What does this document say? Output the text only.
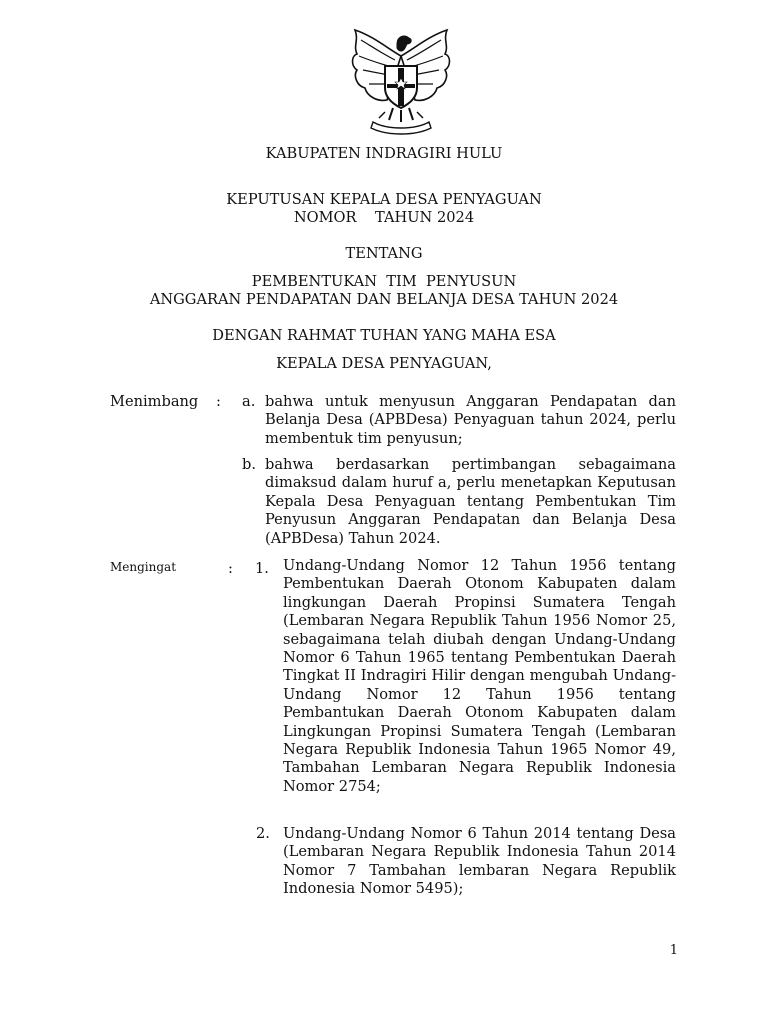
KABUPATEN INDRAGIRI HULU
KEPUTUSAN KEPALA DESA PENYAGUAN
NOMOR    TAHUN 2024
TENTANG
PEMBENTUKAN  TIM  PENYUSUN
ANGGARAN PENDAPATAN DAN BELANJA DESA TAHUN 2024
DENGAN RAHMAT TUHAN YANG MAHA ESA
KEPALA DESA PENYAGUAN,
Menimbang : a. bahwa untuk menyusun Anggaran Pendapatan dan Belanja Desa (APBDesa) Penyaguan tahun 2024, perlu membentuk tim penyusun;
b. bahwa berdasarkan pertimbangan sebagaimana dimaksud dalam huruf a, perlu menetapkan Keputusan Kepala Desa Penyaguan tentang Pembentukan Tim Penyusun Anggaran Pendapatan dan Belanja Desa (APBDesa) Tahun 2024.
Mengingat	: 1. Undang-Undang Nomor 12 Tahun 1956 tentang Pembentukan Daerah Otonom Kabupaten dalam lingkungan Daerah Propinsi Sumatera Tengah (Lembaran Negara Republik Tahun 1956 Nomor 25, sebagaimana telah diubah dengan Undang-Undang Nomor 6 Tahun 1965 tentang Pembentukan Daerah Tingkat II Indragiri Hilir dengan mengubah Undang-Undang Nomor 12 Tahun 1956 tentang Pembantukan Daerah Otonom Kabupaten dalam Lingkungan Propinsi Sumatera Tengah (Lembaran Negara Republik Indonesia Tahun 1965 Nomor 49, Tambahan Lembaran Negara Republik Indonesia Nomor 2754;
2. Undang-Undang Nomor 6 Tahun 2014 tentang Desa (Lembaran Negara Republik Indonesia Tahun 2014 Nomor 7 Tambahan lembaran Negara Republik Indonesia Nomor 5495);
1
